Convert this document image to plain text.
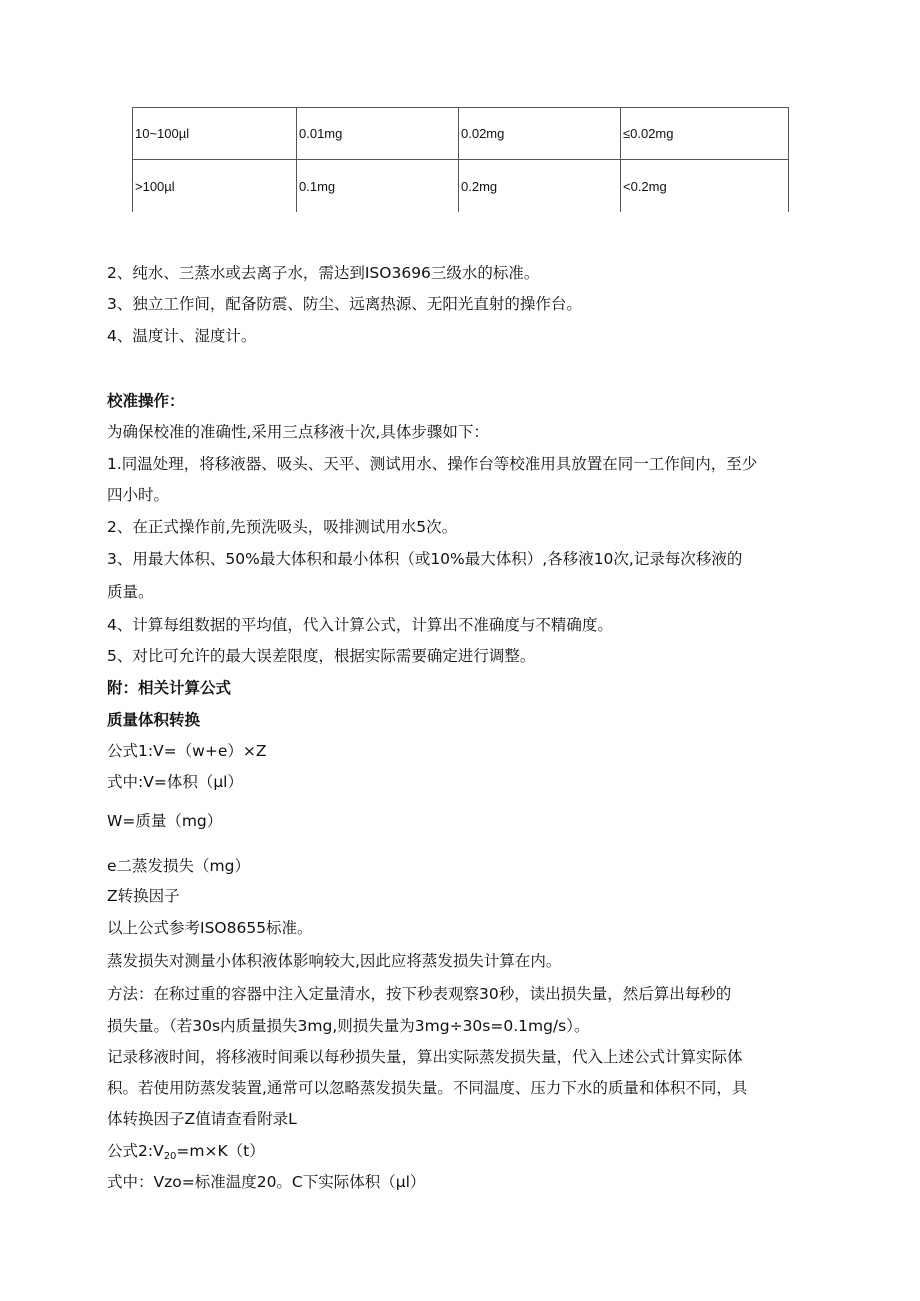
10~100µl	0.01mg	0.02mg	≤0.02mg
>100µl	0.1mg	0.2mg	<0.2mg
2、纯水、三蒸水或去离子水，需达到ISO3696三级水的标准。
3、独立工作间，配备防震、防尘、远离热源、无阳光直射的操作台。
4、温度计、湿度计。
校准操作：
为确保校准的准确性,采用三点移液十次,具体步骤如下：
1.同温处理，将移液器、吸头、天平、测试用水、操作台等校准用具放置在同一工作间内，至少
四小时。
2、在正式操作前,先预洗吸头，吸排测试用水5次。
3、用最大体积、50%最大体积和最小体积（或10%最大体积）,各移液10次,记录每次移液的
质量。
4、计算每组数据的平均值，代入计算公式，计算出不准确度与不精确度。
5、对比可允许的最大误差限度，根据实际需要确定进行调整。
附：相关计算公式
质量体积转换
公式1:V=（w+e）×Z
式中:V=体积（µl）
W=质量（mg）
e二蒸发损失（mg）
Z转换因子
以上公式参考ISO8655标准。
蒸发损失对测量小体积液体影响较大,因此应将蒸发损失计算在内。
方法：在称过重的容器中注入定量清水，按下秒表观察30秒，读出损失量，然后算出每秒的
损失量。（若30s内质量损失3mg,则损失量为3mg÷30s=0.1mg∕s）。
记录移液时间，将移液时间乘以每秒损失量，算出实际蒸发损失量，代入上述公式计算实际体
积。若使用防蒸发装置,通常可以忽略蒸发损失量。不同温度、压力下水的质量和体积不同，具
体转换因子Z值请查看附录L
公式$2:V_{20}=m\times K(t)$
式中：Vzo=标准温度20。C下实际体积（µl）
